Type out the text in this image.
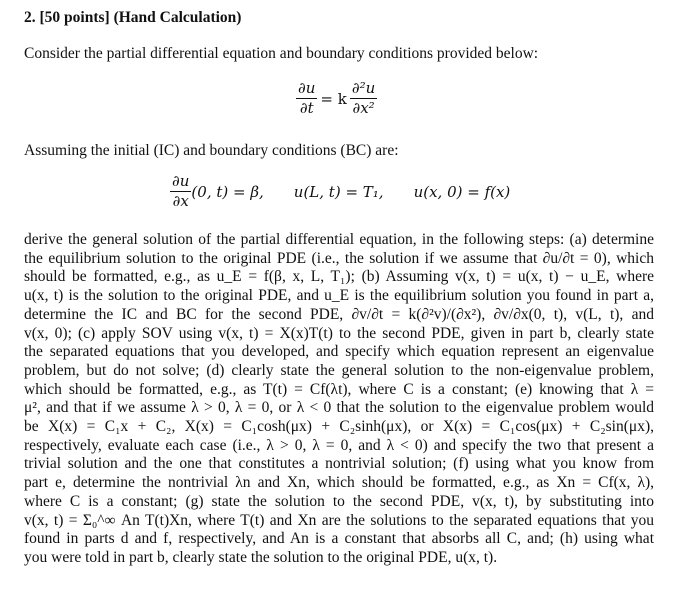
2. [50 points] (Hand Calculation)
Consider the partial differential equation and boundary conditions provided below:
$\frac{\partial u}{\partial t} = k \frac{\text{∂²u}}{\text{∂x²}}$
Assuming the initial (IC) and boundary conditions (BC) are:
$\frac{\partial u}{\partial x} (0$, t) = β, u(L, t) = T₁, u(x, 0) = f(x)
derive the general solution of the partial differential equation, in the following steps: (a) determine
the equilibrium solution to the original PDE (i.e., the solution if we assume that ∂u/∂t = 0), which
should be formatted, e.g., as u_E = f(β, x, L, T₁); (b) Assuming v(x, t) = u(x, t) − u_E, where
u(x, t) is the solution to the original PDE, and u_E is the equilibrium solution you found in part a,
determine the IC and BC for the second PDE, ∂v/∂t = k(∂²v)/(∂x²), ∂v/∂x(0, t), v(L, t), and
v(x, 0); (c) apply SOV using v(x, t) = X(x)T(t) to the second PDE, given in part b, clearly state
the separated equations that you developed, and specify which equation represent an eigenvalue
problem, but do not solve; (d) clearly state the general solution to the non-eigenvalue problem,
which should be formatted, e.g., as T(t) = Cf(λt), where C is a constant; (e) knowing that λ =
μ², and that if we assume λ > 0, λ = 0, or λ < 0 that the solution to the eigenvalue problem would
be X(x) = C₁x + C₂, X(x) = C₁cosh(μx) + C₂sinh(μx), or X(x) = C₁cos(μx) + C₂sin(μx),
respectively, evaluate each case (i.e., λ > 0, λ = 0, and λ < 0) and specify the two that present a
trivial solution and the one that constitutes a nontrivial solution; (f) using what you know from
part e, determine the nontrivial λn and Xn, which should be formatted, e.g., as Xn = Cf(x, λ),
where C is a constant; (g) state the solution to the second PDE, v(x, t), by substituting into
v(x, t) = Σ₀^∞ An T(t)Xn, where T(t) and Xn are the solutions to the separated equations that you
found in parts d and f, respectively, and An is a constant that absorbs all C, and; (h) using what
you were told in part b, clearly state the solution to the original PDE, u(x, t).
